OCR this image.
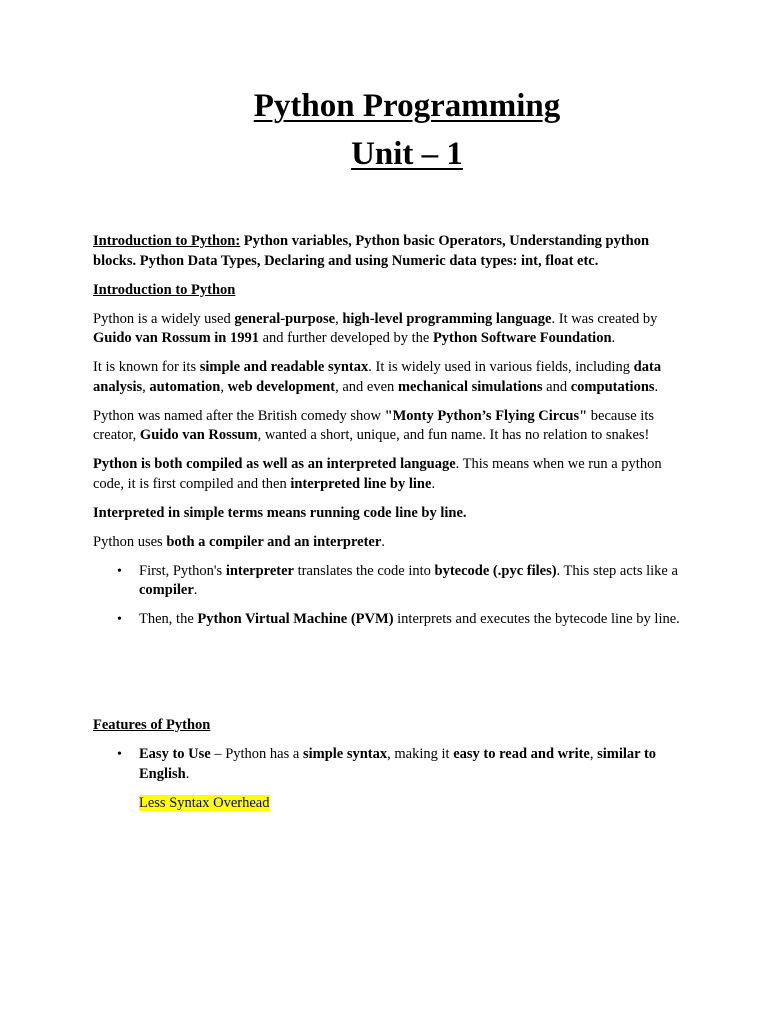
Python Programming
Unit – 1

Introduction to Python: Python variables, Python basic Operators, Understanding python blocks. Python Data Types, Declaring and using Numeric data types: int, float etc.

Introduction to Python

Python is a widely used general-purpose, high-level programming language. It was created by Guido van Rossum in 1991 and further developed by the Python Software Foundation.

It is known for its simple and readable syntax. It is widely used in various fields, including data analysis, automation, web development, and even mechanical simulations and computations.

Python was named after the British comedy show "Monty Python’s Flying Circus" because its creator, Guido van Rossum, wanted a short, unique, and fun name. It has no relation to snakes!

Python is both compiled as well as an interpreted language. This means when we run a python code, it is first compiled and then interpreted line by line.

Interpreted in simple terms means running code line by line.

Python uses both a compiler and an interpreter.

• First, Python's interpreter translates the code into bytecode (.pyc files). This step acts like a compiler.
• Then, the Python Virtual Machine (PVM) interprets and executes the bytecode line by line.

Features of Python

• Easy to Use – Python has a simple syntax, making it easy to read and write, similar to English.

Less Syntax Overhead
